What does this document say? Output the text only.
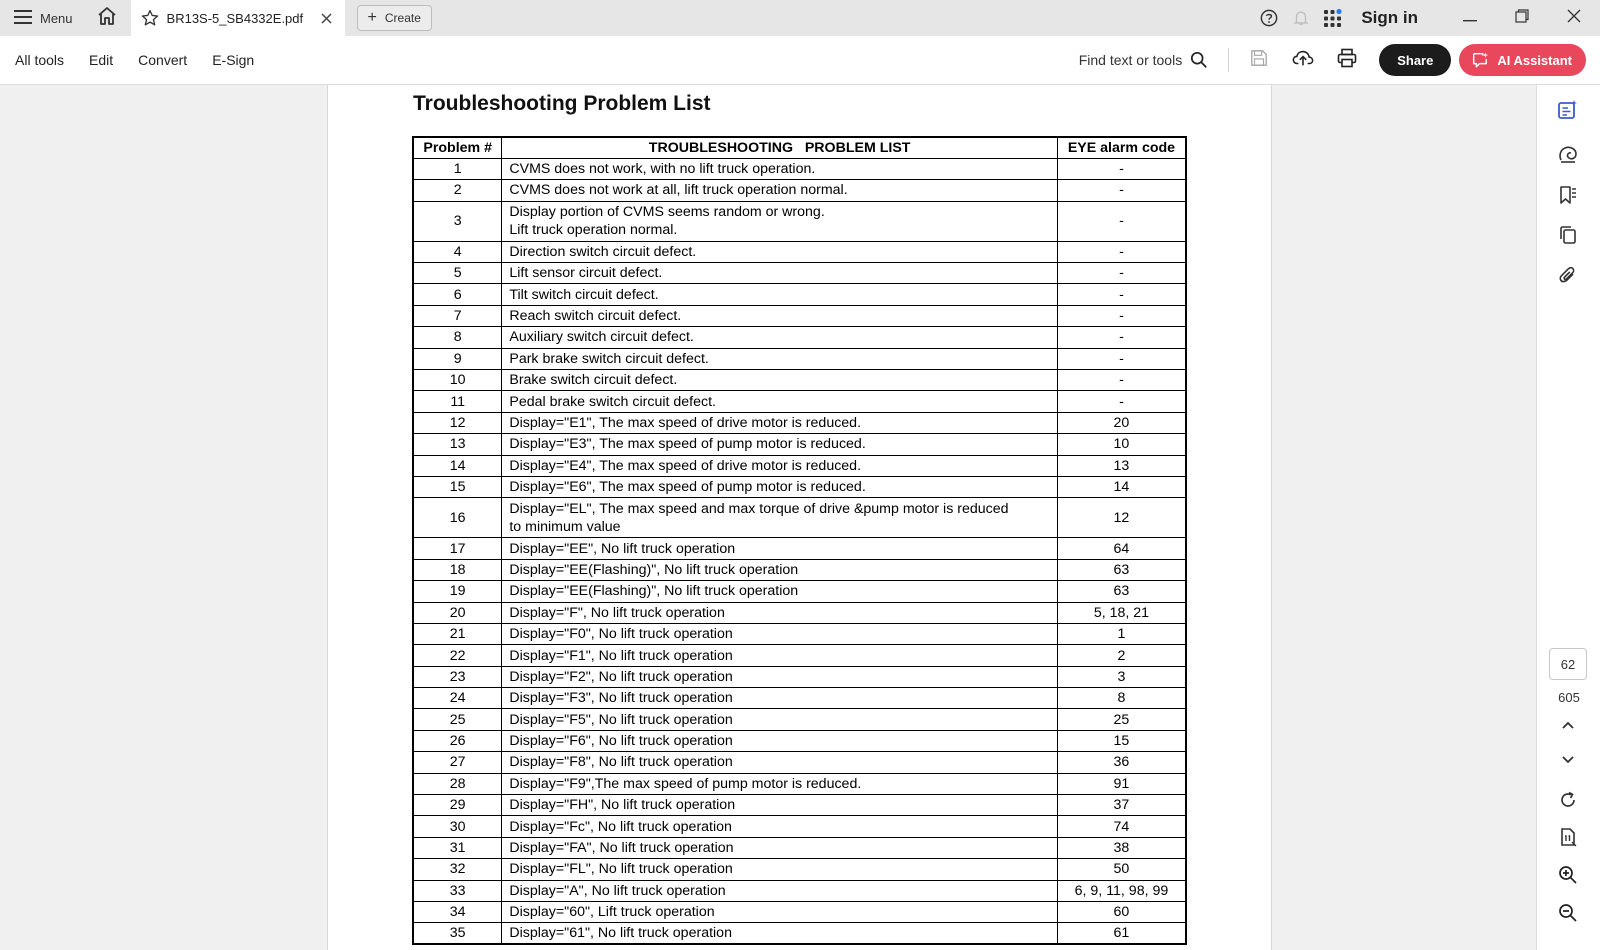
Menu	BR13S-5_SB4332E.pdf	+ Create	Sign in
All tools Edit Convert E-Sign	Find text or tools	Share	AI Assistant
Troubleshooting Problem List
Problem #	TROUBLESHOOTING   PROBLEM LIST	EYE alarm code
1	CVMS does not work, with no lift truck operation.	-
2	CVMS does not work at all, lift truck operation normal.	-
3	Display portion of CVMS seems random or wrong.
Lift truck operation normal.	-
4	Direction switch circuit defect.	-
5	Lift sensor circuit defect.	-
6	Tilt switch circuit defect.	-
7	Reach switch circuit defect.	-
8	Auxiliary switch circuit defect.	-
9	Park brake switch circuit defect.	-
10	Brake switch circuit defect.	-
11	Pedal brake switch circuit defect.	-
12	Display="E1", The max speed of drive motor is reduced.	20
13	Display="E3", The max speed of pump motor is reduced.	10
14	Display="E4", The max speed of drive motor is reduced.	13
15	Display="E6", The max speed of pump motor is reduced.	14
16	Display="EL", The max speed and max torque of drive &pump motor is reduced
to minimum value	12
17	Display="EE", No lift truck operation	64
18	Display="EE(Flashing)", No lift truck operation	63
19	Display="EE(Flashing)", No lift truck operation	63
20	Display="F", No lift truck operation	5, 18, 21
21	Display="F0", No lift truck operation	1
22	Display="F1", No lift truck operation	2
23	Display="F2", No lift truck operation	3
24	Display="F3", No lift truck operation	8
25	Display="F5", No lift truck operation	25
26	Display="F6", No lift truck operation	15
27	Display="F8", No lift truck operation	36
28	Display="F9",The max speed of pump motor is reduced.	91
29	Display="FH", No lift truck operation	37
30	Display="Fc", No lift truck operation	74
31	Display="FA", No lift truck operation	38
32	Display="FL", No lift truck operation	50
33	Display="A", No lift truck operation	6, 9, 11, 98, 99
34	Display="60", Lift truck operation	60
35	Display="61", No lift truck operation	61
62
605
